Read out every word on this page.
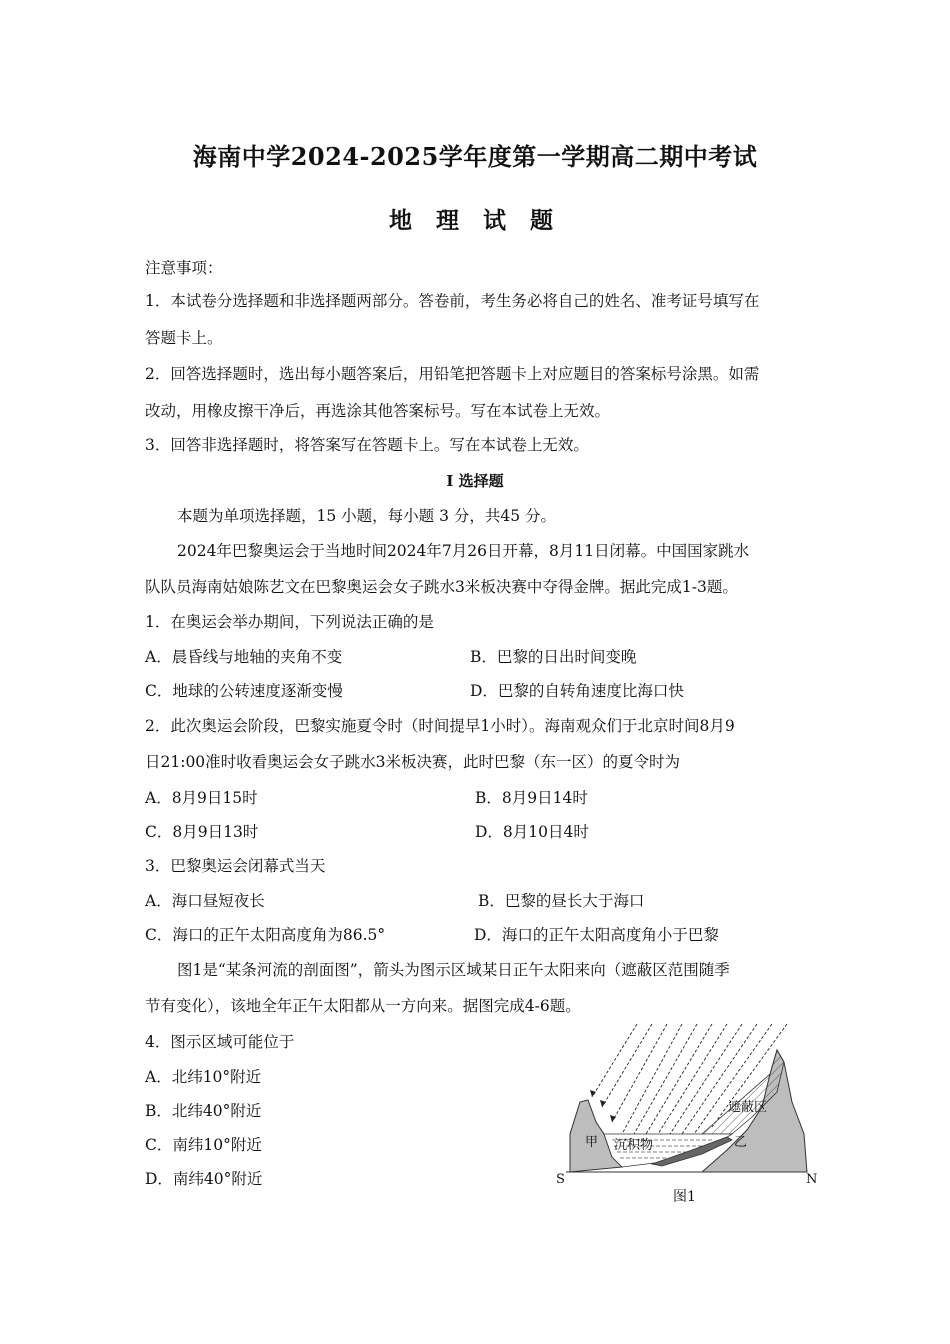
海南中学2024-2025学年度第一学期高二期中考试
地 理 试 题
注意事项：
1．本试卷分选择题和非选择题两部分。答卷前，考生务必将自己的姓名、准考证号填写在
答题卡上。
2．回答选择题时，选出每小题答案后，用铅笔把答题卡上对应题目的答案标号涂黑。如需
改动，用橡皮擦干净后，再选涂其他答案标号。写在本试卷上无效。
3．回答非选择题时，将答案写在答题卡上。写在本试卷上无效。
I 选择题
本题为单项选择题，15 小题，每小题 3 分，共45 分。
2024年巴黎奥运会于当地时间2024年7月26日开幕，8月11日闭幕。中国国家跳水
队队员海南姑娘陈艺文在巴黎奥运会女子跳水3米板决赛中夺得金牌。据此完成1-3题。
1．在奥运会举办期间，下列说法正确的是
A．晨昏线与地轴的夹角不变	B．巴黎的日出时间变晚
C．地球的公转速度逐渐变慢	D．巴黎的自转角速度比海口快
2．此次奥运会阶段，巴黎实施夏令时（时间提早1小时）。海南观众们于北京时间8月9
日21:00准时收看奥运会女子跳水3米板决赛，此时巴黎（东一区）的夏令时为
A．8月9日15时	B．8月9日14时
C．8月9日13时	D．8月10日4时
3．巴黎奥运会闭幕式当天
A．海口昼短夜长	B．巴黎的昼长大于海口
C．海口的正午太阳高度角为86.5°	D．海口的正午太阳高度角小于巴黎
图1是“某条河流的剖面图”，箭头为图示区域某日正午太阳来向（遮蔽区范围随季
节有变化），该地全年正午太阳都从一方向来。据图完成4-6题。
4．图示区域可能位于
A．北纬10°附近
B．北纬40°附近
C．南纬10°附近
D．南纬40°附近
甲	乙
沉积物
遮蔽区
S	N
图1
